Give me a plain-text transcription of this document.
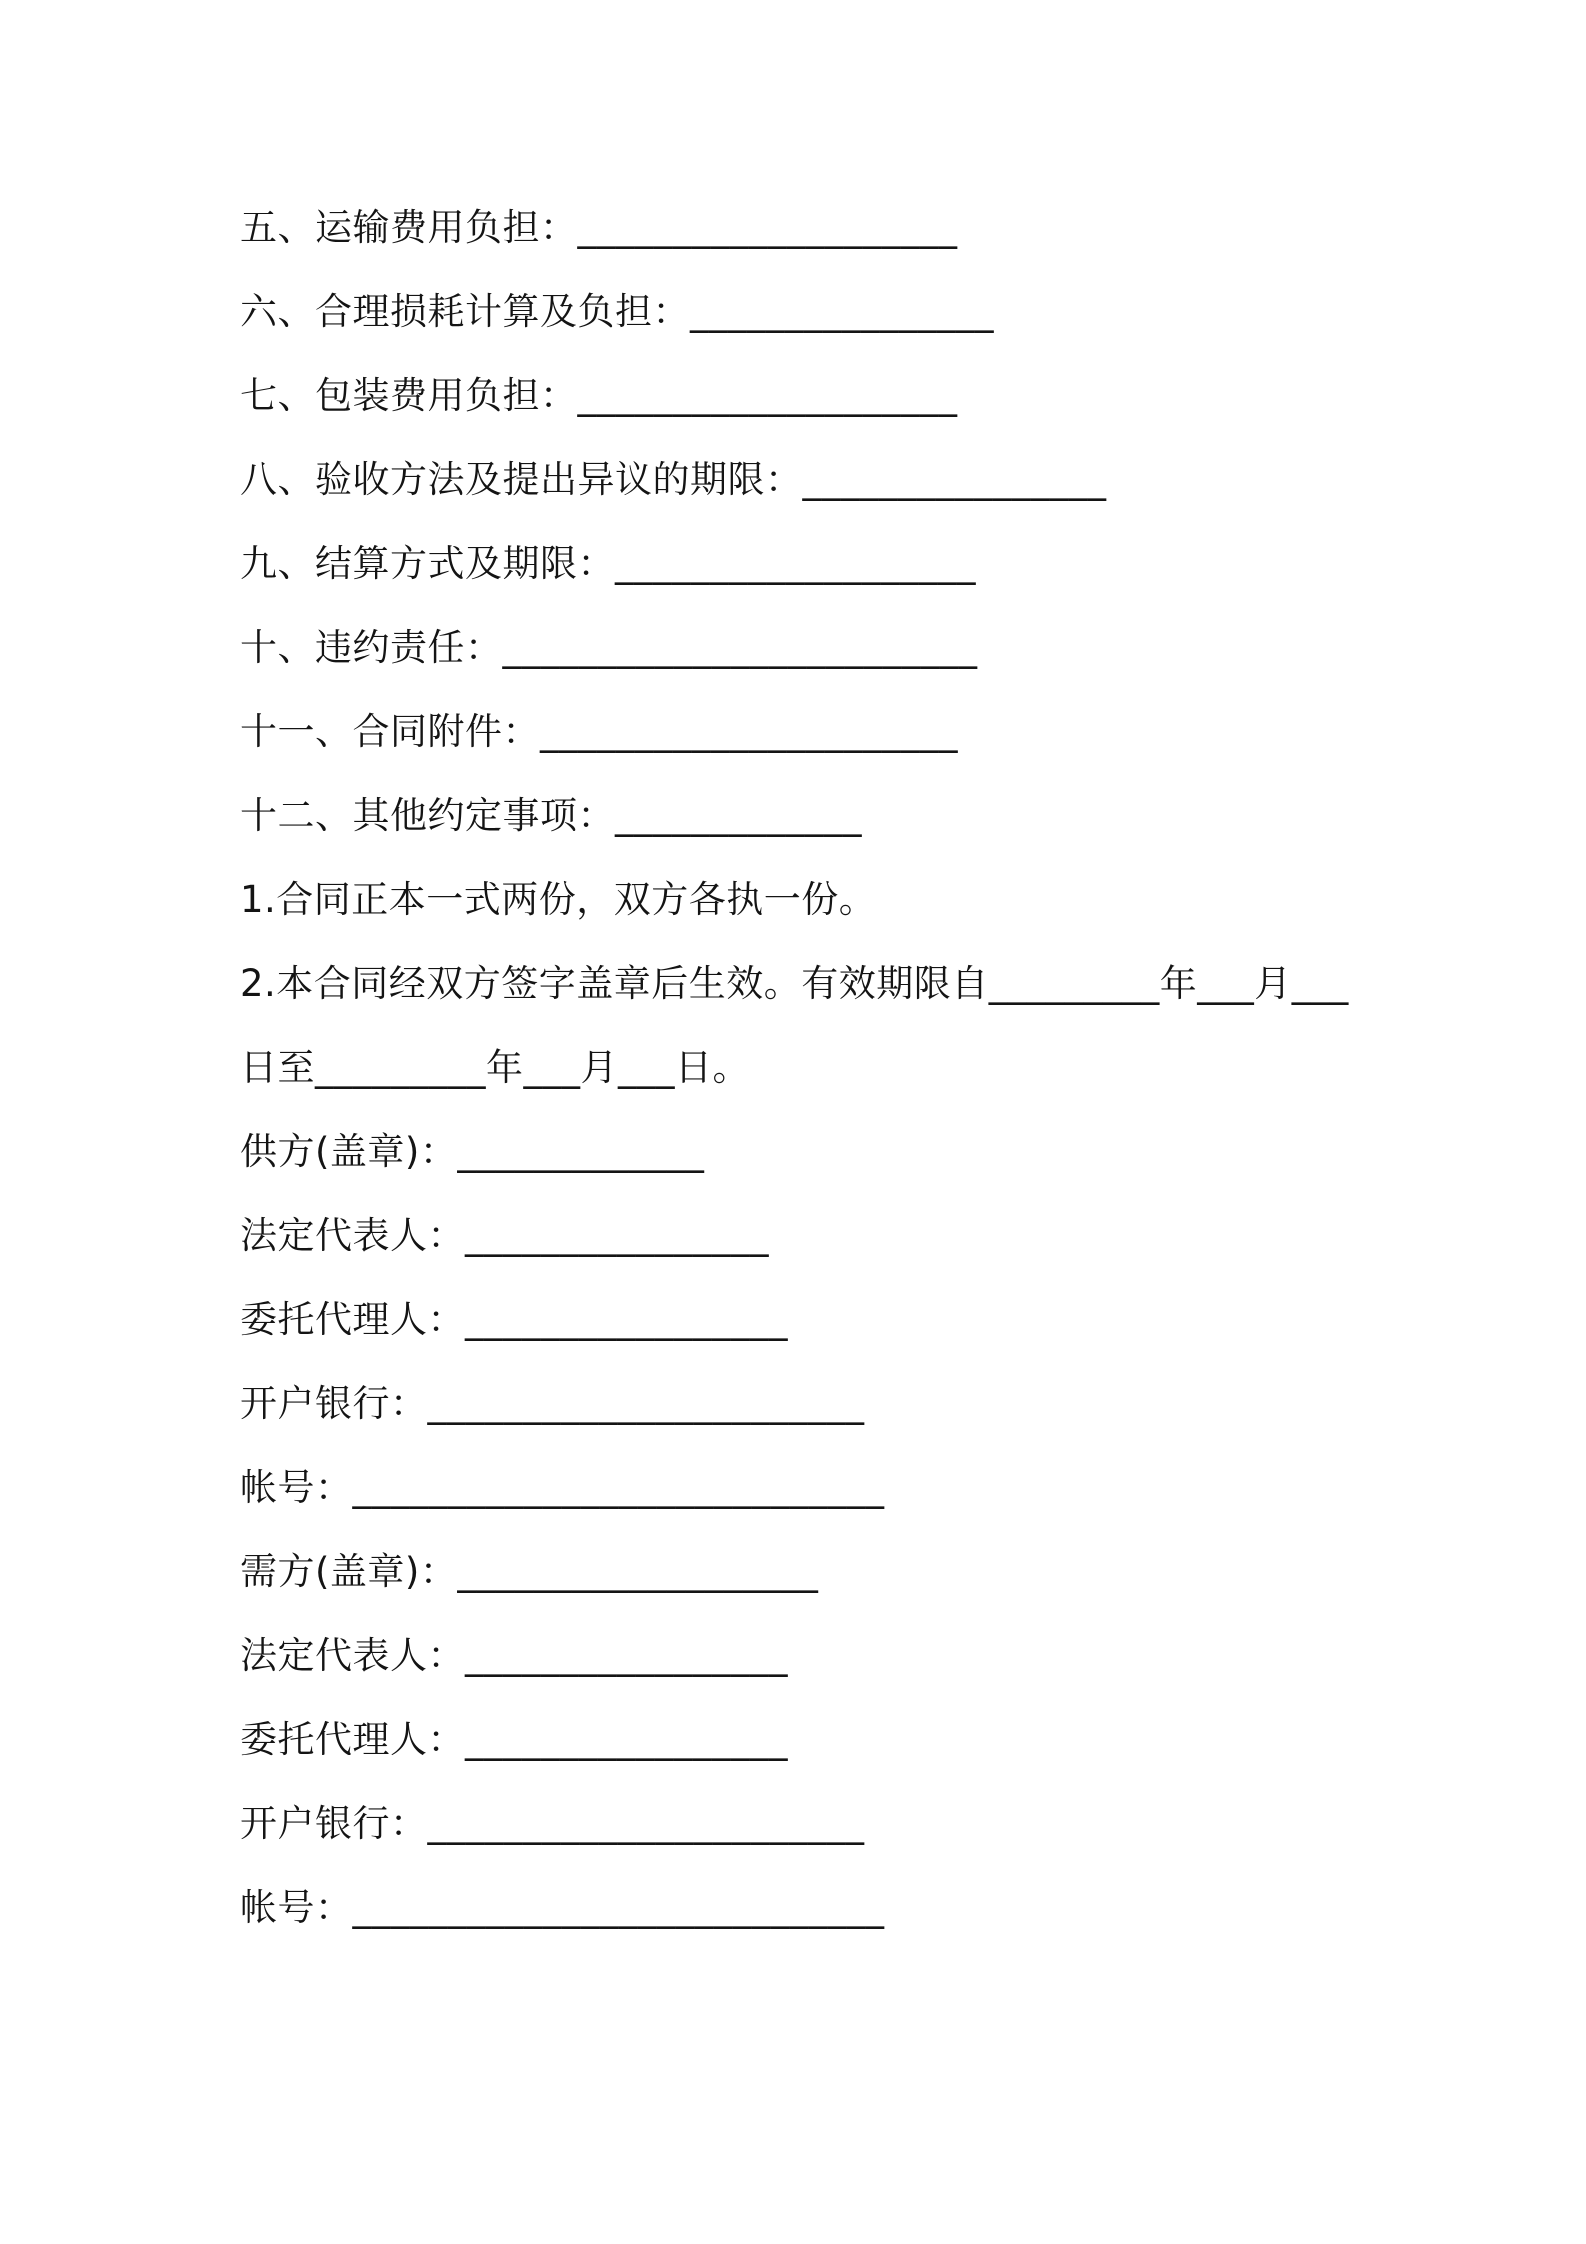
五、运输费用负担：____________________
六、合理损耗计算及负担：________________
七、包装费用负担：____________________
八、验收方法及提出异议的期限：________________
九、结算方式及期限：___________________
十、违约责任：_________________________
十一、合同附件：______________________
十二、其他约定事项：_____________
1.合同正本一式两份，双方各执一份。
2.本合同经双方签字盖章后生效。有效期限自_________年___月___
日至_________年___月___日。
供方(盖章)：_____________
法定代表人：________________
委托代理人：_________________
开户银行：_______________________
帐号：____________________________
需方(盖章)：___________________
法定代表人：_________________
委托代理人：_________________
开户银行：_______________________
帐号：____________________________
